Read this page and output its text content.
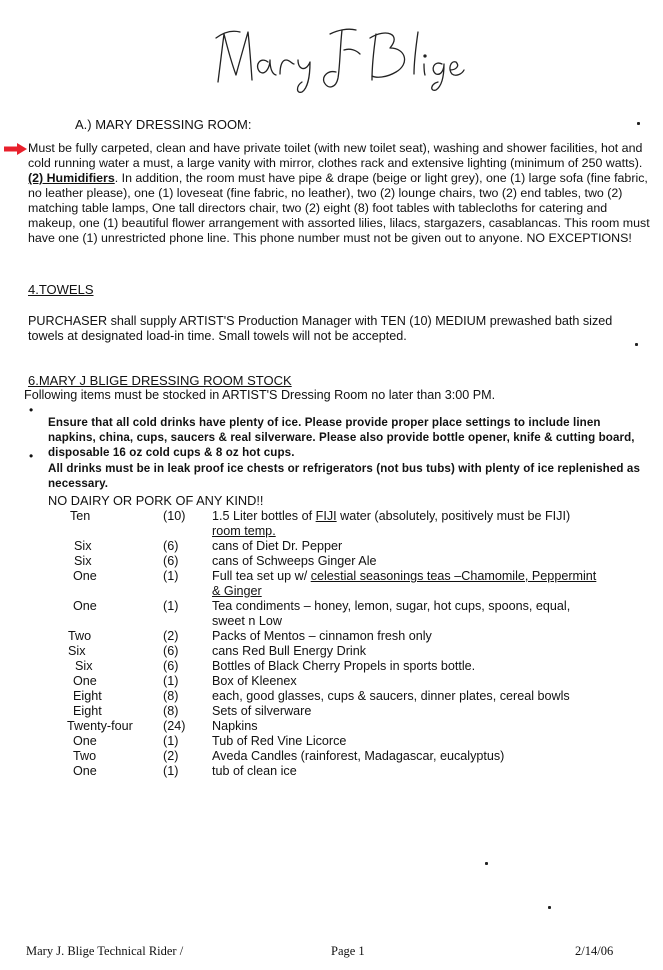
A.) MARY DRESSING ROOM:

Must be fully carpeted, clean and have private toilet (with new toilet seat), washing and shower facilities, hot and cold running water a must, a large vanity with mirror, clothes rack and extensive lighting (minimum of 250 watts). (2) Humidifiers. In addition, the room must have pipe & drape (beige or light grey), one (1) large sofa (fine fabric, no leather please), one (1) loveseat (fine fabric, no leather), two (2) lounge chairs, two (2) end tables, two (2) matching table lamps, One tall directors chair, two (2) eight (8) foot tables with tablecloths for catering and makeup, one (1) beautiful flower arrangement with assorted lilies, lilacs, stargazers, casablancas. This room must have one (1) unrestricted phone line. This phone number must not be given out to anyone. NO EXCEPTIONS!

4.TOWELS

PURCHASER shall supply ARTIST'S Production Manager with TEN (10) MEDIUM prewashed bath sized towels at designated load-in time. Small towels will not be accepted.

6.MARY J BLIGE DRESSING ROOM STOCK

Following items must be stocked in ARTIST'S Dressing Room no later than 3:00 PM.

•

Ensure that all cold drinks have plenty of ice. Please provide proper place settings to include linen napkins, china, cups, saucers & real silverware. Please also provide bottle opener, knife & cutting board, disposable 16 oz cold cups & 8 oz hot cups.

•

All drinks must be in leak proof ice chests or refrigerators (not bus tubs) with plenty of ice replenished as necessary.

NO DAIRY OR PORK OF ANY KIND!!

Ten	(10) 1.5 Liter bottles of FIJI water (absolutely, positively must be FIJI)
room temp.
Six	(6)	cans of Diet Dr. Pepper
Six	(6)	cans of Schweeps Ginger Ale
One	(1)	Full tea set up w/ celestial seasonings teas –Chamomile, Peppermint
& Ginger
One	(1)	Tea condiments – honey, lemon, sugar, hot cups, spoons, equal,
sweet n Low
Two	(2)	Packs of Mentos – cinnamon fresh only
Six	(6)	cans Red Bull Energy Drink
Six	(6)	Bottles of Black Cherry Propels in sports bottle.
One	(1)	Box of Kleenex
Eight	(8)	each, good glasses, cups & saucers, dinner plates, cereal bowls
Eight	(8)	Sets of silverware
Twenty-four (24) Napkins
One	(1)	Tub of Red Vine Licorce
Two	(2)	Aveda Candles (rainforest, Madagascar, eucalyptus)
One	(1)	tub of clean ice
Mary J. Blige Technical Rider /	Page 1	2/14/06
